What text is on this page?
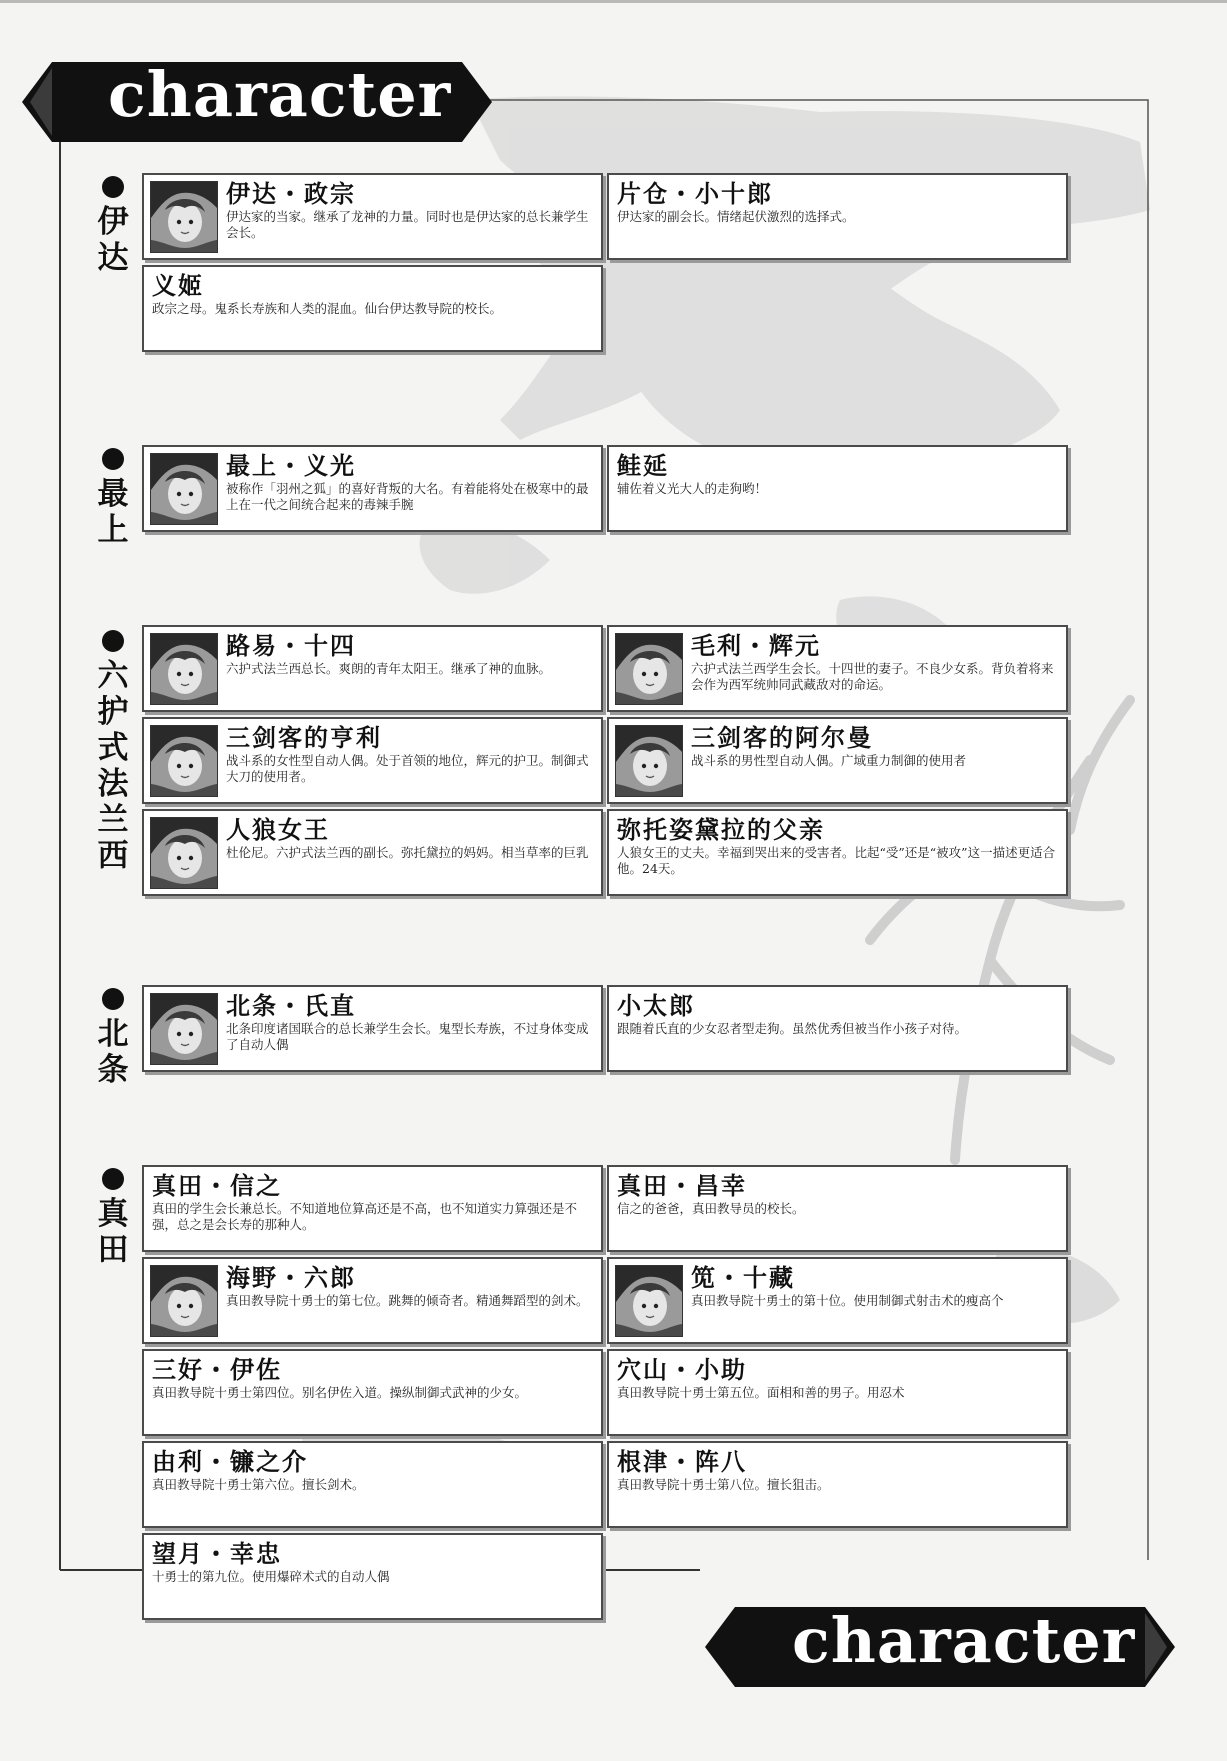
character
character
伊达
最上
六护式法兰西
北条
真田
伊达・政宗
伊达家的当家。继承了龙神的力量。同时也是伊达家的总长兼学生会长。
片仓・小十郎
伊达家的副会长。情绪起伏激烈的选择式。
义姬
政宗之母。鬼系长寿族和人类的混血。仙台伊达教导院的校长。
最上・义光
被称作「羽州之狐」的喜好背叛的大名。有着能将处在极寒中的最上在一代之间统合起来的毒辣手腕
鲑延
辅佐着义光大人的走狗哟！
路易・十四
六护式法兰西总长。爽朗的青年太阳王。继承了神的血脉。
毛利・辉元
六护式法兰西学生会长。十四世的妻子。不良少女系。背负着将来会作为西军统帅同武藏敌对的命运。
三剑客的亨利
战斗系的女性型自动人偶。处于首领的地位，辉元的护卫。制御式大刀的使用者。
三剑客的阿尔曼
战斗系的男性型自动人偶。广域重力制御的使用者
人狼女王
杜伦尼。六护式法兰西的副长。弥托黛拉的妈妈。相当草率的巨乳
弥托姿黛拉的父亲
人狼女王的丈夫。幸福到哭出来的受害者。比起“受”还是“被攻”这一描述更适合他。24天。
北条・氏直
北条印度诸国联合的总长兼学生会长。鬼型长寿族，不过身体变成了自动人偶
小太郎
跟随着氏直的少女忍者型走狗。虽然优秀但被当作小孩子对待。
真田・信之
真田的学生会长兼总长。不知道地位算高还是不高，也不知道实力算强还是不强，总之是会长寿的那种人。
真田・昌幸
信之的爸爸，真田教导员的校长。
海野・六郎
真田教导院十勇士的第七位。跳舞的倾奇者。精通舞蹈型的剑术。
笕・十藏
真田教导院十勇士的第十位。使用制御式射击术的瘦高个
三好・伊佐
真田教导院十勇士第四位。别名伊佐入道。操纵制御式武神的少女。
穴山・小助
真田教导院十勇士第五位。面相和善的男子。用忍术
由利・镰之介
真田教导院十勇士第六位。擅长剑术。
根津・阵八
真田教导院十勇士第八位。擅长狙击。
望月・幸忠
十勇士的第九位。使用爆碎术式的自动人偶
